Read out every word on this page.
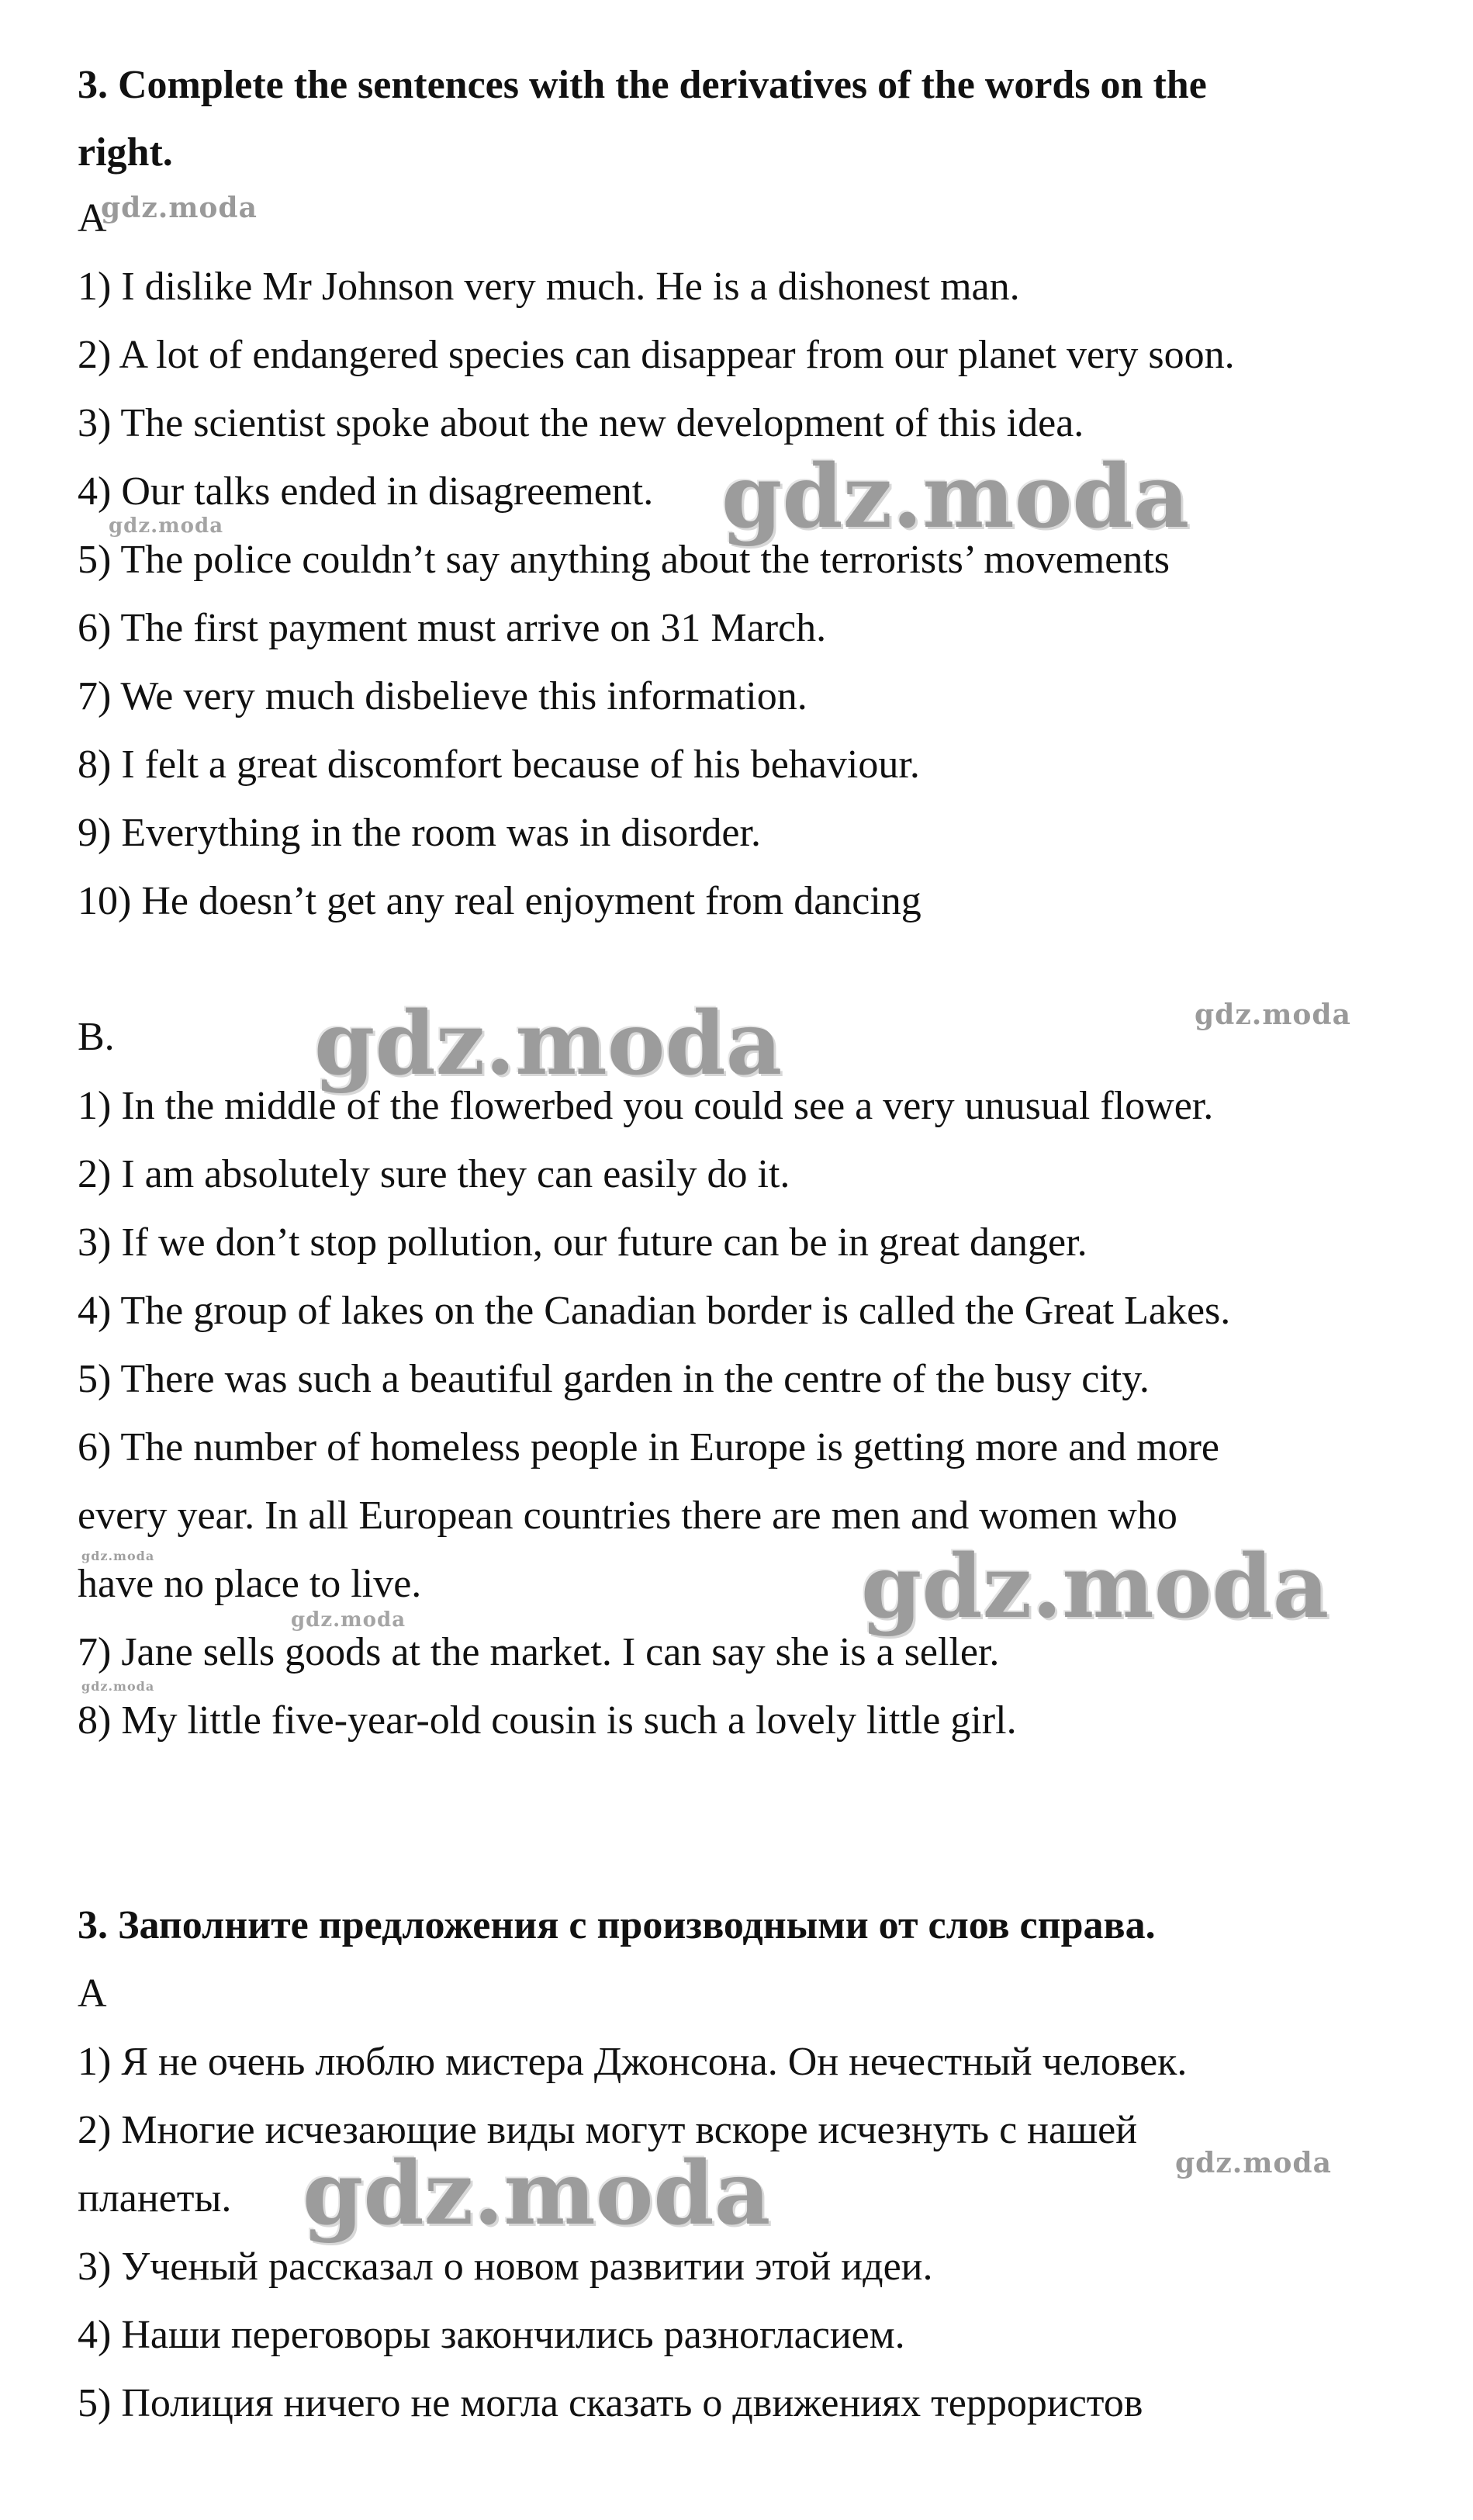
3. Complete the sentences with the derivatives of the words on the
right.
A
1) I dislike Mr Johnson very much. He is a dishonest man.
2) A lot of endangered species can disappear from our planet very soon.
3) The scientist spoke about the new development of this idea.
4) Our talks ended in disagreement.
5) The police couldn’t say anything about the terrorists’ movements
6) The first payment must arrive on 31 March.
7) We very much disbelieve this information.
8) I felt a great discomfort because of his behaviour.
9) Everything in the room was in disorder.
10) He doesn’t get any real enjoyment from dancing
B.
1) In the middle of the flowerbed you could see a very unusual flower.
2) I am absolutely sure they can easily do it.
3) If we don’t stop pollution, our future can be in great danger.
4) The group of lakes on the Canadian border is called the Great Lakes.
5) There was such a beautiful garden in the centre of the busy city.
6) The number of homeless people in Europe is getting more and more
every year. In all European countries there are men and women who
have no place to live.
7) Jane sells goods at the market. I can say she is a seller.
8) My little five-year-old cousin is such a lovely little girl.
3. Заполните предложения с производными от слов справа.
А
1) Я не очень люблю мистера Джонсона. Он нечестный человек.
2) Многие исчезающие виды могут вскоре исчезнуть с нашей
планеты.
3) Ученый рассказал о новом развитии этой идеи.
4) Наши переговоры закончились разногласием.
5) Полиция ничего не могла сказать о движениях террористов
gdz.moda
gdz.moda
gdz.moda
gdz.moda	gdz.moda
gdz.moda	gdz.moda
gdz.moda
gdz.moda
gdz.moda
gdz.moda
